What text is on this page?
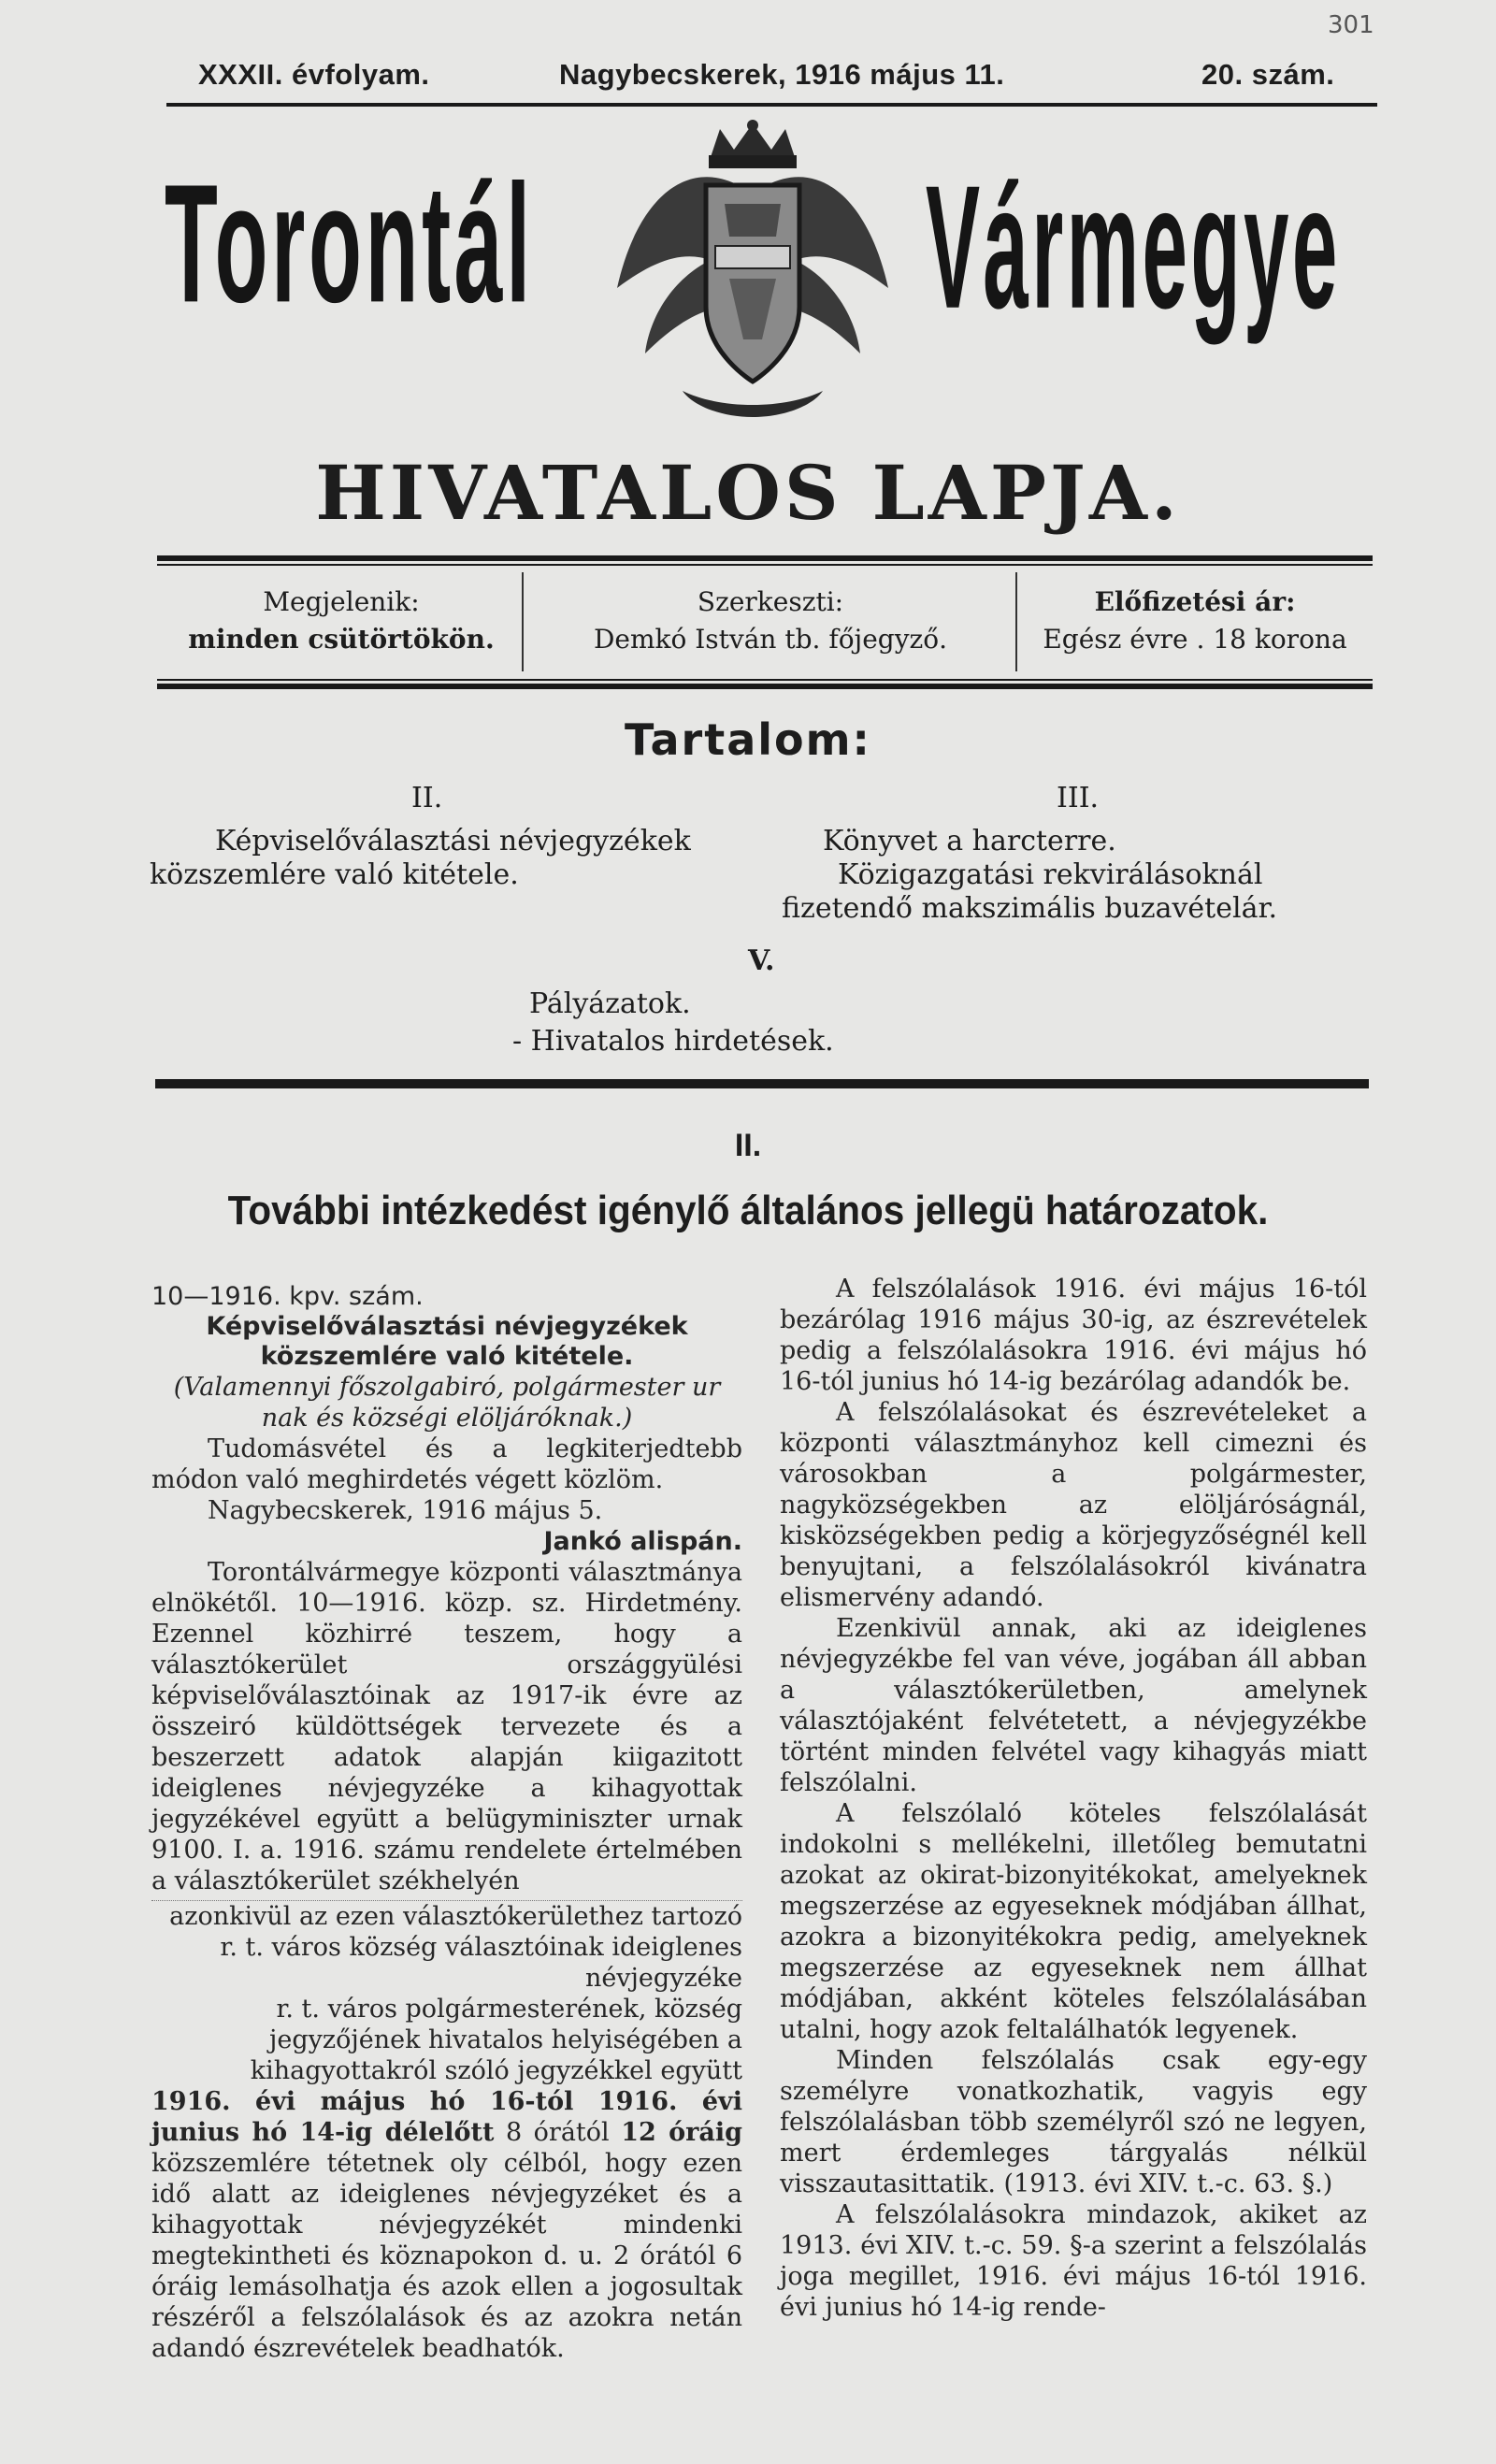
301
XXXII. évfolyam.	Nagybecskerek, 1916 május 11.	20. szám.
Torontál	Vármegye
HIVATALOS LAPJA.
Megjelenik:
minden csütörtökön.
Szerkeszti:
Demkó István tb. főjegyző.
Előfizetési ár:
Egész évre . 18 korona
Tartalom:
II.
Képviselőválasztási névjegyzékek közszemlére való kitétele.
III.
Könyvet a harcterre.
Közigazgatási rekvirálásoknál fizetendő makszimális buzavételár.
V.
Pályázatok.
- Hivatalos hirdetések.
II.
További intézkedést igénylő általános jellegü határozatok.

10—1916. kpv. szám.

Képviselőválasztási névjegyzékek közszemlére való kitétele.

(Valamennyi főszolgabiró, polgármester ur nak és községi elöljáróknak.)

Tudomásvétel és a legkiterjedtebb módon való meghirdetés végett közlöm.

Nagybecskerek, 1916 május 5.

Jankó alispán.

Torontálvármegye központi választmánya elnökétől. 10—1916. közp. sz. Hirdetmény. Ezennel közhirré teszem, hogy a választókerület országgyülési képviselőválasztóinak az 1917-ik évre az összeiró küldöttségek tervezete és a beszerzett adatok alapján kiigazitott ideiglenes névjegyzéke a kihagyottak jegyzékével együtt a belügyminiszter urnak 9100. I. a. 1916. számu rendelete értelmében a választókerület székhelyén

azonkivül az ezen választókerülethez tartozó

r. t. város község választóinak ideiglenes névjegyzéke

r. t. város polgármesterének, község jegyzőjének hivatalos helyiségében a kihagyottakról szóló jegyzékkel együtt

1916. évi május hó 16-tól 1916. évi junius hó 14-ig délelőtt 8 órától 12 óráig közszemlére tétetnek oly célból, hogy ezen idő alatt az ideiglenes névjegyzéket és a kihagyottak névjegyzékét mindenki megtekintheti és köznapokon d. u. 2 órától 6 óráig lemásolhatja és azok ellen a jogosultak részéről a felszólalások és az azokra netán adandó észrevételek beadhatók.

A felszólalások 1916. évi május 16-tól bezárólag 1916 május 30-ig, az észrevételek pedig a felszólalásokra 1916. évi május hó 16-tól junius hó 14-ig bezárólag adandók be.

A felszólalásokat és észrevételeket a központi választmányhoz kell cimezni és városokban a polgármester, nagyközségekben az elöljáróságnál, kisközségekben pedig a körjegyzőségnél kell benyujtani, a felszólalásokról kivánatra elismervény adandó.

Ezenkivül annak, aki az ideiglenes névjegyzékbe fel van véve, jogában áll abban a választókerületben, amelynek választójaként felvétetett, a névjegyzékbe történt minden felvétel vagy kihagyás miatt felszólalni.

A felszólaló köteles felszólalását indokolni s mellékelni, illetőleg bemutatni azokat az okirat-bizonyitékokat, amelyeknek megszerzése az egyeseknek módjában állhat, azokra a bizonyitékokra pedig, amelyeknek megszerzése az egyeseknek nem állhat módjában, akként köteles felszólalásában utalni, hogy azok feltalálhatók legyenek.

Minden felszólalás csak egy-egy személyre vonatkozhatik, vagyis egy felszólalásban több személyről szó ne legyen, mert érdemleges tárgyalás nélkül visszautasittatik. (1913. évi XIV. t.-c. 63. §.)

A felszólalásokra mindazok, akiket az 1913. évi XIV. t.-c. 59. §-a szerint a felszólalás joga megillet, 1916. évi május 16-tól 1916. évi junius hó 14-ig rende-
